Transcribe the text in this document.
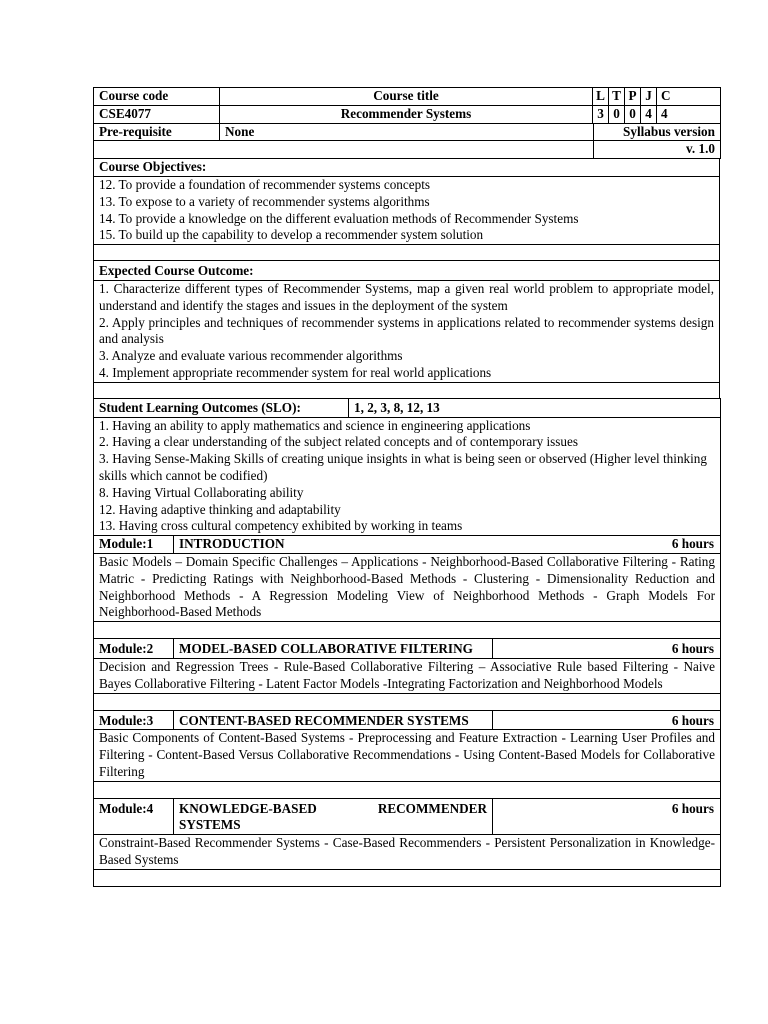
Course code	Course title	L	T	P	J	C
CSE4077	Recommender Systems	3	0	0	4	4
Pre-requisite	None	Syllabus version
		v. 1.0
Course Objectives:

12. To provide a foundation of recommender systems concepts
13. To expose to a variety of recommender systems algorithms
14. To provide a knowledge on the different evaluation methods of Recommender Systems
15. To build up the capability to develop a recommender system solution

Expected Course Outcome:

1. Characterize different types of Recommender Systems, map a given real world problem to appropriate model, understand and identify the stages and issues in the deployment of the system
2. Apply principles and techniques of recommender systems in applications related to recommender systems design and analysis
3. Analyze and evaluate various recommender algorithms
4. Implement appropriate recommender system for real world applications

Student Learning Outcomes (SLO):	1, 2, 3, 8, 12, 13

1. Having an ability to apply mathematics and science in engineering applications
2. Having a clear understanding of the subject related concepts and of contemporary issues
3. Having Sense-Making Skills of creating unique insights in what is being seen or observed (Higher level thinking skills which cannot be codified)
8. Having Virtual Collaborating ability
12. Having adaptive thinking and adaptability
13. Having cross cultural competency exhibited by working in teams
Module:1	INTRODUCTION	6 hours

Basic Models – Domain Specific Challenges – Applications - Neighborhood-Based Collaborative Filtering - Rating Matric - Predicting Ratings with Neighborhood-Based Methods - Clustering - Dimensionality Reduction and Neighborhood Methods - A Regression Modeling View of Neighborhood Methods - Graph Models For Neighborhood-Based Methods

Module:2	MODEL-BASED COLLABORATIVE FILTERING	6 hours
Decision and Regression Trees - Rule-Based Collaborative Filtering – Associative Rule based Filtering - Naive Bayes Collaborative Filtering - Latent Factor Models -Integrating Factorization and Neighborhood Models

Module:3	CONTENT-BASED RECOMMENDER SYSTEMS	6 hours
Basic Components of Content-Based Systems - Preprocessing and Feature Extraction - Learning User Profiles and Filtering - Content-Based Versus Collaborative Recommendations - Using Content-Based Models for Collaborative Filtering

Module:4	KNOWLEDGE-BASED RECOMMENDER SYSTEMS	6 hours
Constraint-Based Recommender Systems - Case-Based Recommenders - Persistent Personalization in Knowledge-Based Systems
